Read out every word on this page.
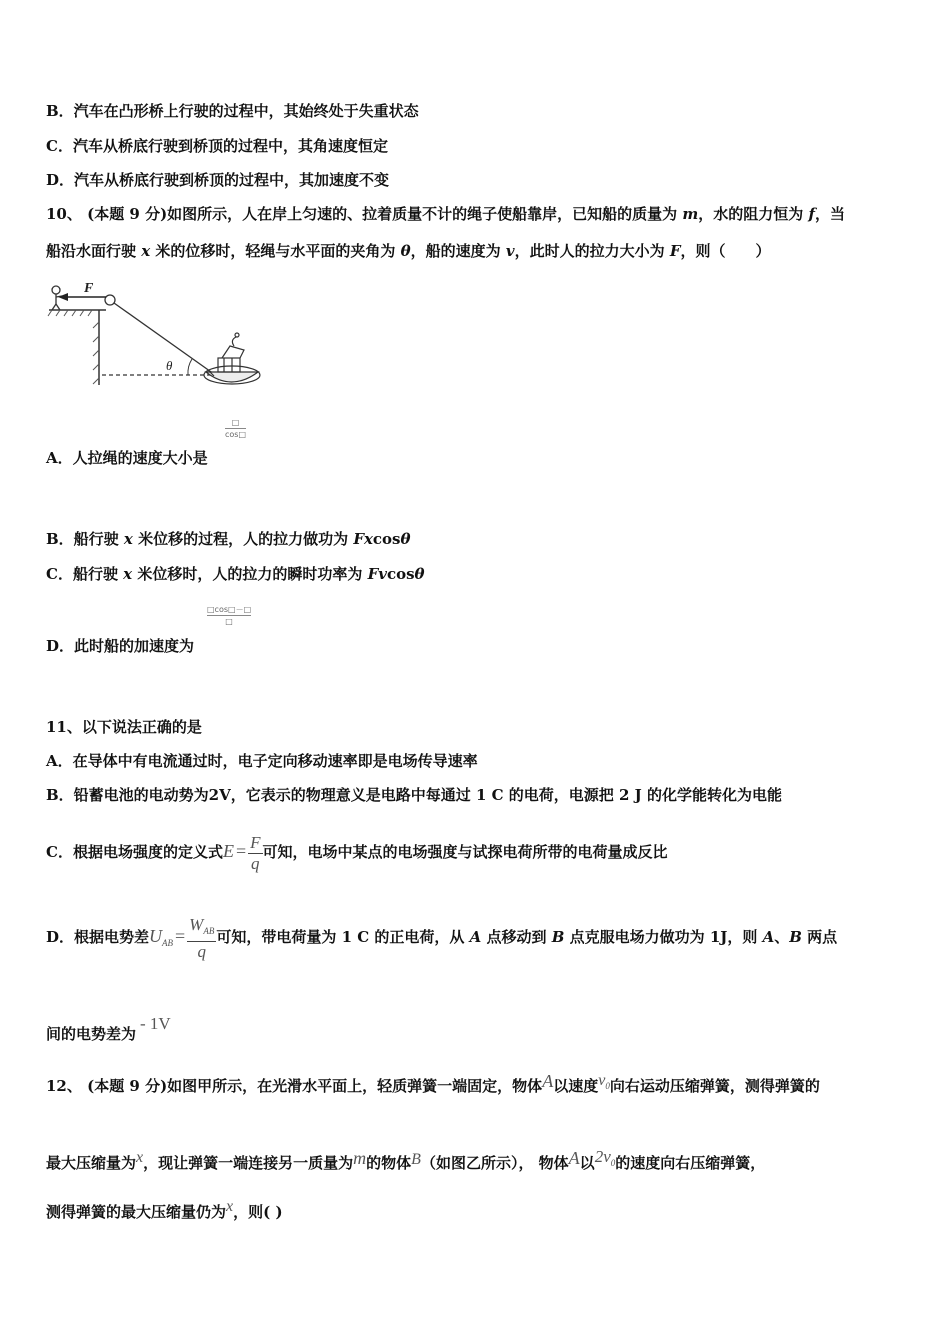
B．汽车在凸形桥上行驶的过程中，其始终处于失重状态
C．汽车从桥底行驶到桥顶的过程中，其角速度恒定
D．汽车从桥底行驶到桥顶的过程中，其加速度不变
10、 (本题 9 分)如图所示，人在岸上匀速的、拉着质量不计的绳子使船靠岸，已知船的质量为 m，水的阻力恒为 f，当
船沿水面行驶 x 米的位移时，轻绳与水平面的夹角为 θ，船的速度为 v，此时人的拉力大小为 F，则（　　）
F
θ
□
cos□
A．人拉绳的速度大小是
B．船行驶 x 米位移的过程，人的拉力做功为 Fxcosθ
C．船行驶 x 米位移时，人的拉力的瞬时功率为 Fvcosθ
□cos□－□
□
D．此时船的加速度为
11、以下说法正确的是
A．在导体中有电流通过时，电子定向移动速率即是电场传导速率
B．铅蓄电池的电动势为2V，它表示的物理意义是电路中每通过 1 C 的电荷，电源把 2 J 的化学能转化为电能
C．根据电场强度的定义式$E = \frac{F}{q}$ 可知，电场中某点的电场强度与试探电荷所带的电荷量成反比
D．根据电势差$U_{AB} = \frac{W_{AB}}{q}$ 可知，带电荷量为 1 C 的正电荷，从 A 点移动到 B 点克服电场力做功为 1J，则 A、B 两点
间的电势差为- 1V
12、 (本题 9 分)如图甲所示，在光滑水平面上，轻质弹簧一端固定，物体A以速度$v_0$向右运动压缩弹簧，测得弹簧的
最大压缩量为x，现让弹簧一端连接另一质量为m的物体B（如图乙所示）， 物体A以$2v_0$的速度向右压缩弹簧，
测得弹簧的最大压缩量仍为x，则( )
